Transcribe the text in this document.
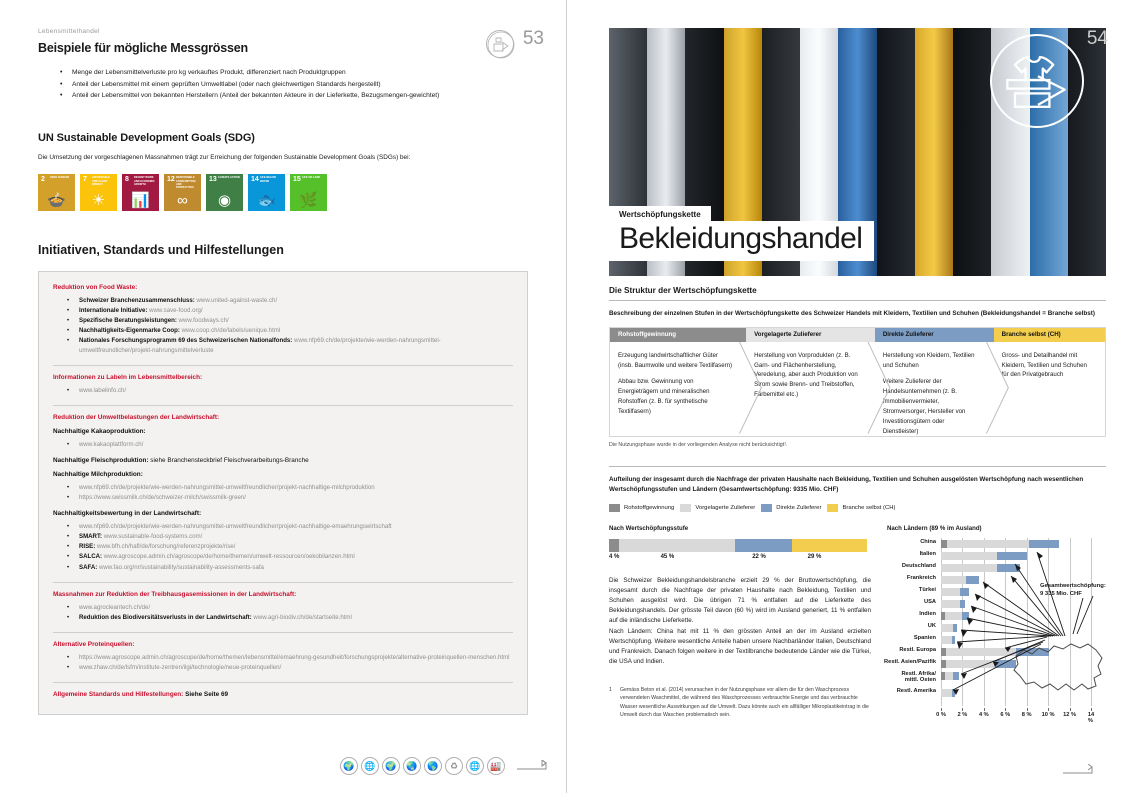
53
Lebensmittelhandel
Beispiele für mögliche Messgrössen
• Menge der Lebensmittelverluste pro kg verkauftes Produkt, differenziert nach Produktgruppen
• Anteil der Lebensmittel mit einem geprüften Umweltlabel (oder nach gleichwertigen Standards hergestellt)
• Anteil der Lebensmittel von bekannten Herstellern (Anteil der bekannten Akteure in der Lieferkette, Bezugsmengen-gewichtet)
UN Sustainable Development Goals (SDG)
Die Umsetzung der vorgeschlagenen Massnahmen trägt zur Erreichung der folgenden Sustainable Development Goals (SDGs) bei:
2 ZERO HUNGER
🍲
7 AFFORDABLE AND CLEAN ENERGY
☀
8 DECENT WORK AND ECONOMIC GROWTH
📊
12 RESPONSIBLE CONSUMPTION AND PRODUCTION
∞
13 CLIMATE ACTION
◉
14 LIFE BELOW WATER
🐟
15 LIFE ON LAND
🌿
Initiativen, Standards und Hilfestellungen
Reduktion von Food Waste:
• Schweizer Branchenzusammenschluss: www.united-against-waste.ch/
• Internationale Initiative: www.save-food.org/
• Spezifische Beratungsleistungen: www.foodways.ch/
• Nachhaltigkeits-Eigenmarke Coop: www.coop.ch/de/labels/uenique.html
• Nationales Forschungsprogramm 69 des Schweizerischen Nationalfonds: www.nfp69.ch/de/projekte/wie-werden-nahrungsmittel-umweltfreundlicher/projekt-nahrungsmittelverluste
Informationen zu Labeln im Lebensmittelbereich:
• www.labelinfo.ch/
Reduktion der Umweltbelastungen der Landwirtschaft:
Nachhaltige Kakaoproduktion:
• www.kakaoplattform.ch/
Nachhaltige Fleischproduktion: siehe Branchensteckbrief Fleischverarbeitungs-Branche
Nachhaltige Milchproduktion:
• www.nfp69.ch/de/projekte/wie-werden-nahrungsmittel-umweltfreundlicher/projekt-nachhaltige-milchproduktion
• https://www.swissmilk.ch/de/schweizer-milch/swissmilk-green/
Nachhaltigkeitsbewertung in der Landwirtschaft:
• www.nfp69.ch/de/projekte/wie-werden-nahrungsmittel-umweltfreundlicher/projekt-nachhaltige-emaehrungswirtschaft
• SMART: www.sustainable-food-systems.com/
• RISE: www.bfh.ch/hafl/de/forschung/referenzprojekte/rise/
• SALCA: www.agroscope.admin.ch/agroscope/de/home/themen/umwelt-ressourcen/oekobilanzen.html
• SAFA: www.fao.org/nr/sustainability/sustainability-assessments-safa
Massnahmen zur Reduktion der Treibhausgasemissionen in der Landwirtschaft:
• www.agrocleantech.ch/de/
• Reduktion des Biodiversitätsverlusts in der Landwirtschaft: www.agri-biodiv.ch/de/startseite.html
Alternative Proteinquellen:
• https://www.agroscope.admin.ch/agroscope/de/home/themen/lebensmittel/emaehrung-gesundheit/forschungsprojekte/alternative-proteinquellen-menschen.html
• www.zhaw.ch/de/lsfm/institute-zentren/ilgi/technologie/neue-proteinquellen/
Allgemeine Standards und Hilfestellungen: Siehe Seite 69
🌍	🌐	🌍	🌏	🌎	♻	🌐	🏭
54
Wertschöpfungskette
Bekleidungshandel
Die Struktur der Wertschöpfungskette
Beschreibung der einzelnen Stufen in der Wertschöpfungskette des Schweizer Handels mit Kleidern, Textilien und Schuhen (Bekleidungshandel = Branche selbst)
Rohstoffgewinnung	Vorgelagerte Zulieferer	Direkte Zulieferer	Branche selbst (CH)

Erzeugung landwirtschaftlicher Güter (insb. Baumwolle und weitere Textilfasern)

Abbau bzw. Gewinnung von Energieträgern und mineralischen Rohstoffen (z. B. für synthetische Textilfasern)

Herstellung von Vorprodukten (z. B. Garn- und Flächenherstellung, Veredelung, aber auch Produktion von Strom sowie Brenn- und Treibstoffen, Färbemittel etc.)

Herstellung von Kleidern, Textilien und Schuhen

Weitere Zulieferer der Handelsunternehmen (z. B. Immobilienvermieter, Stromversorger, Hersteller von Investitionsgütern oder Dienstleister)

Gross- und Detailhandel mit Kleidern, Textilien und Schuhen für den Privatgebrauch

Die Nutzungsphase wurde in der vorliegenden Analyse nicht berücksichtigt¹.
Aufteilung der insgesamt durch die Nachfrage der privaten Haushalte nach Bekleidung, Textilien und Schuhen ausgelösten Wertschöpfung nach wesentlichen Wertschöpfungsstufen und Ländern (Gesamtwertschöpfung: 9335 Mio. CHF)
Rohstoffgewinnung	Vorgelagerte Zulieferer	Direkte Zulieferer	Branche selbst (CH)
Nach Wertschöpfungsstufe
4 %	45 %	22 %	29 %

Die Schweizer Bekleidungshandelsbranche erzielt 29 % der Bruttowertschöpfung, die insgesamt durch die Nachfrage der privaten Haushalte nach Bekleidung, Textilien und Schuhen ausgelöst wird. Die übrigen 71 % entfallen auf die Lieferkette des Bekleidungshandels. Der grösste Teil davon (60 %) wird im Ausland generiert, 11 % entfallen auf die inländische Lieferkette.

Nach Ländern: China hat mit 11 % den grössten Anteil an der im Ausland erzielten Wertschöpfung. Weitere wesentliche Anteile haben unsere Nachbarländer Italien, Deutschland und Frankreich. Danach folgen weitere in der Textilbranche bedeutende Länder wie die Türkei, die USA und Indien.

1 Gemäss Beton et al. (2014) verursachen in der Nutzungsphase vor allem die für den Waschprozess verwendeten Waschmittel, die während des Waschprozesses verbrauchte Energie und das verbrauchte Wasser wesentliche Auswirkungen auf die Umwelt. Dazu könnte auch ein allfälliger Mikroplastikeintrag in die Umwelt durch das Waschen problematisch sein.
Nach Ländern (89 % im Ausland)
China
Italien
Deutschland
Frankreich
Türkei
USA
Indien
UK
Spanien
Restl. Europa
Restl. Asien/Pazifik
Restl. Afrika/ mittl. Osten
Restl. Amerika
0 % 2 % 4 % 6 % 8 % 10 % 12 % 14 %
Gesamtwertschöpfung: 9 335 Mio. CHF
